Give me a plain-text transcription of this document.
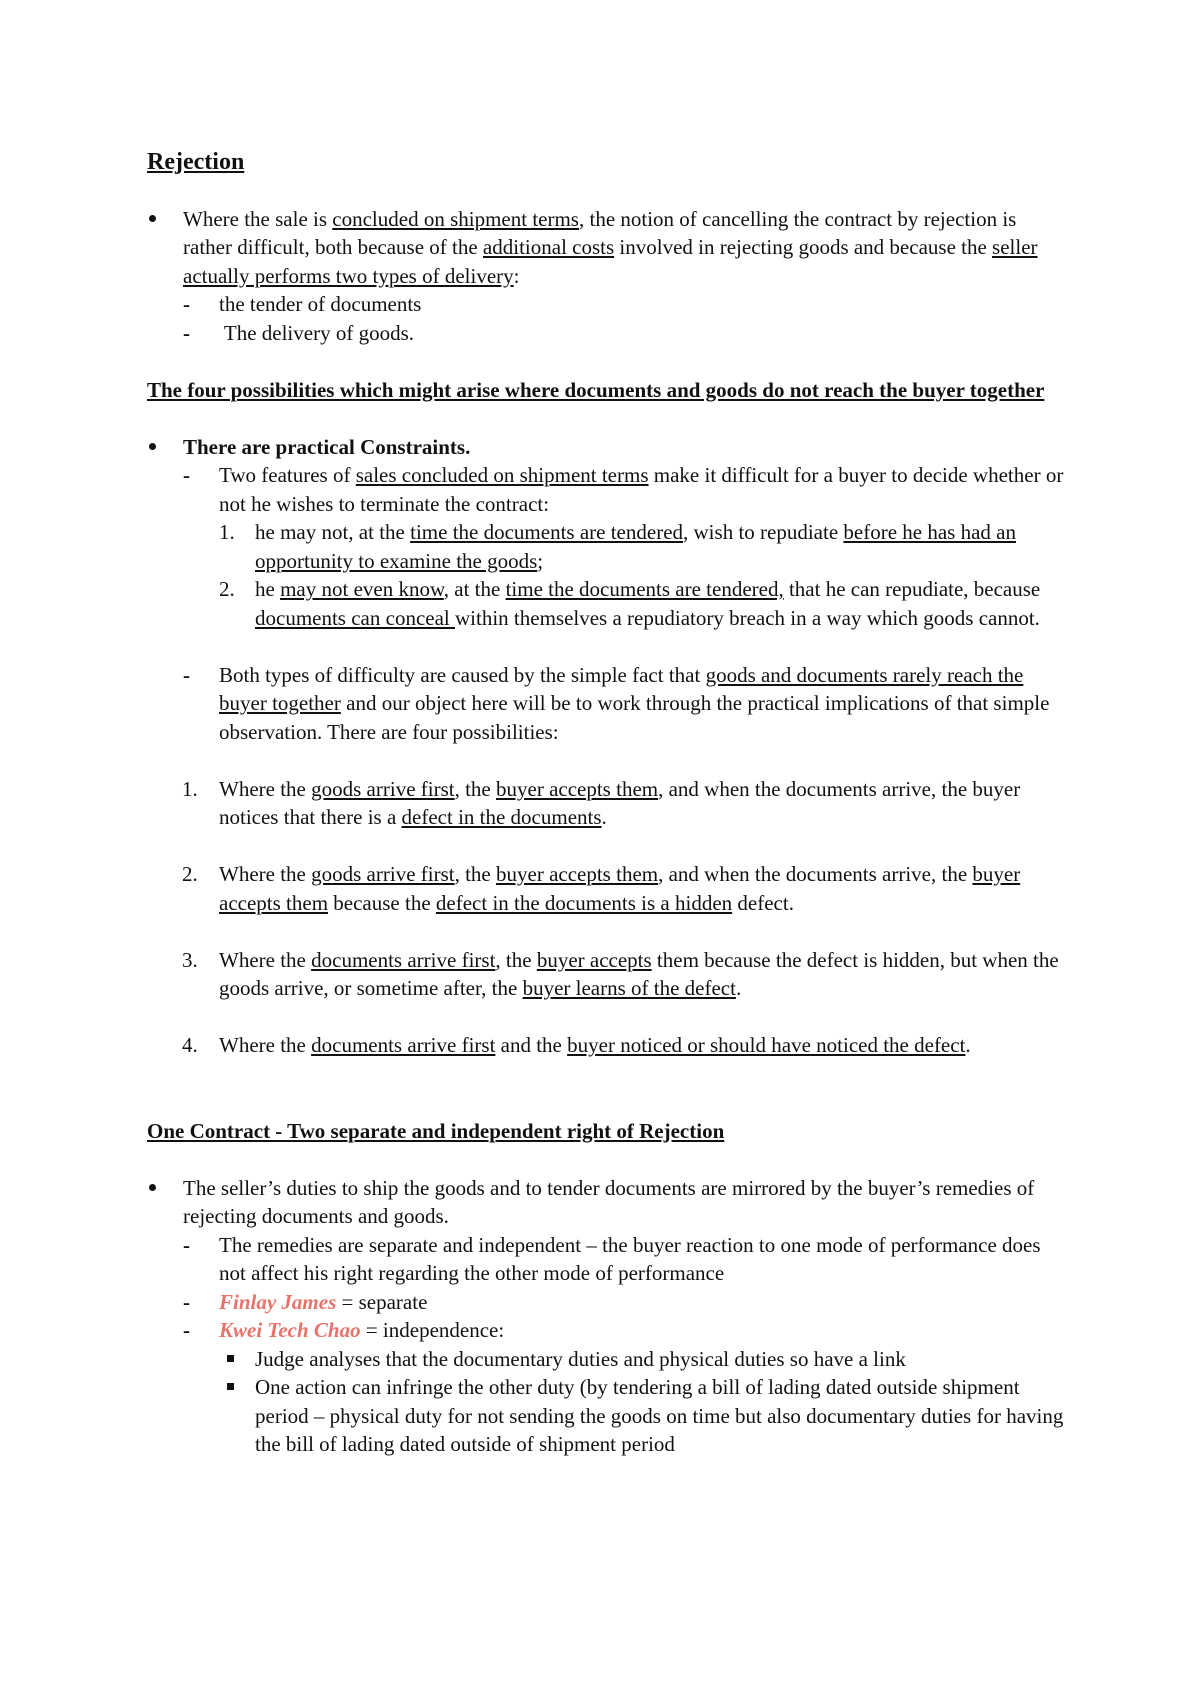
Rejection
Where the sale is concluded on shipment terms, the notion of cancelling the contract by rejection is rather difficult, both because of the additional costs involved in rejecting goods and because the seller actually performs two types of delivery:
- the tender of documents
- The delivery of goods.
The four possibilities which might arise where documents and goods do not reach the buyer together
There are practical Constraints.
- Two features of sales concluded on shipment terms make it difficult for a buyer to decide whether or not he wishes to terminate the contract:
1. he may not, at the time the documents are tendered, wish to repudiate before he has had an opportunity to examine the goods;
2. he may not even know, at the time the documents are tendered, that he can repudiate, because documents can conceal within themselves a repudiatory breach in a way which goods cannot.
- Both types of difficulty are caused by the simple fact that goods and documents rarely reach the buyer together and our object here will be to work through the practical implications of that simple observation. There are four possibilities:
1. Where the goods arrive first, the buyer accepts them, and when the documents arrive, the buyer notices that there is a defect in the documents.
2. Where the goods arrive first, the buyer accepts them, and when the documents arrive, the buyer accepts them because the defect in the documents is a hidden defect.
3. Where the documents arrive first, the buyer accepts them because the defect is hidden, but when the goods arrive, or sometime after, the buyer learns of the defect.
4. Where the documents arrive first and the buyer noticed or should have noticed the defect.
One Contract - Two separate and independent right of Rejection
The seller’s duties to ship the goods and to tender documents are mirrored by the buyer’s remedies of rejecting documents and goods.
- The remedies are separate and independent – the buyer reaction to one mode of performance does not affect his right regarding the other mode of performance
- Finlay James = separate
- Kwei Tech Chao = independence:
Judge analyses that the documentary duties and physical duties so have a link
One action can infringe the other duty (by tendering a bill of lading dated outside shipment period – physical duty for not sending the goods on time but also documentary duties for having the bill of lading dated outside of shipment period
